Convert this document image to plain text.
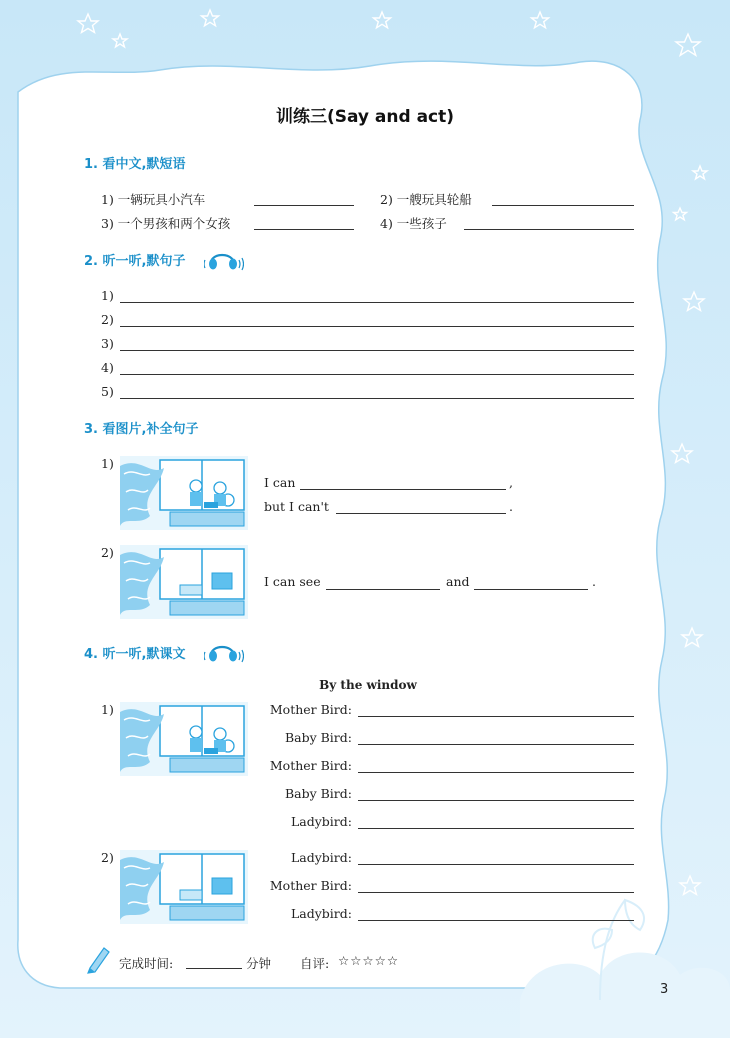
训练三(Say and act)
1. 看中文,默短语
1) 一辆玩具小汽车	2) 一艘玩具轮船
3) 一个男孩和两个女孩	4) 一些孩子
2. 听一听,默句子
1)
2)
3)
4)
5)
3. 看图片,补全句子
1)
I can	,
but I can't	.
2)
I can see	and	.
4. 听一听,默课文
By the window
1)	Mother Bird:
Baby Bird:
Mother Bird:
Baby Bird:
Ladybird:
2)	Ladybird:
Mother Bird:
Ladybird:
完成时间:	分钟 自评: ☆☆☆☆☆
3
